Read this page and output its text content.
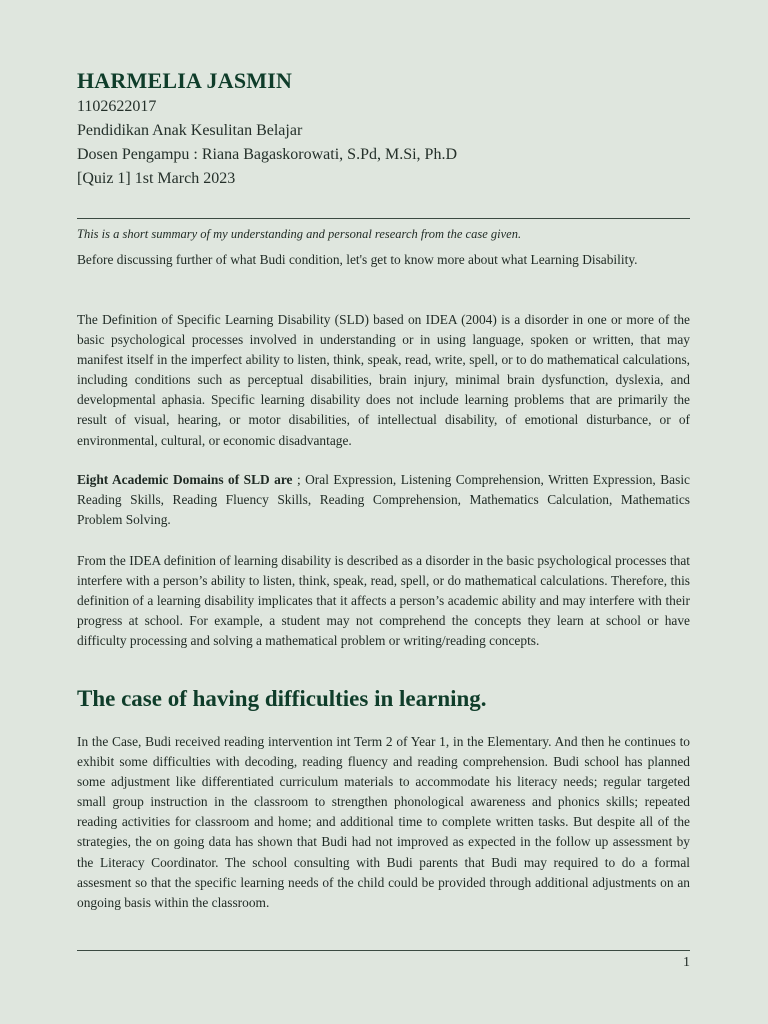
HARMELIA JASMIN
1102622017
Pendidikan Anak Kesulitan Belajar
Dosen Pengampu : Riana Bagaskorowati, S.Pd, M.Si, Ph.D
[Quiz 1] 1st March 2023
This is a short summary of my understanding and personal research from the case given.
Before discussing further of what Budi condition, let's get to know more about what Learning Disability.
The Definition of Specific Learning Disability (SLD) based on IDEA (2004) is a disorder in one or more of the basic psychological processes involved in understanding or in using language, spoken or written, that may manifest itself in the imperfect ability to listen, think, speak, read, write, spell, or to do mathematical calculations, including conditions such as perceptual disabilities, brain injury, minimal brain dysfunction, dyslexia, and developmental aphasia. Specific learning disability does not include learning problems that are primarily the result of visual, hearing, or motor disabilities, of intellectual disability, of emotional disturbance, or of environmental, cultural, or economic disadvantage.
Eight Academic Domains of SLD are ; Oral Expression, Listening Comprehension, Written Expression, Basic Reading Skills, Reading Fluency Skills, Reading Comprehension, Mathematics Calculation, Mathematics Problem Solving.
From the IDEA definition of learning disability is described as a disorder in the basic psychological processes that interfere with a person’s ability to listen, think, speak, read, spell, or do mathematical calculations. Therefore, this definition of a learning disability implicates that it affects a person’s academic ability and may interfere with their progress at school. For example, a student may not comprehend the concepts they learn at school or have difficulty processing and solving a mathematical problem or writing/reading concepts.
The case of having difficulties in learning.
In the Case, Budi received reading intervention int Term 2 of Year 1, in the Elementary. And then he continues to exhibit some difficulties with decoding, reading fluency and reading comprehension. Budi school has planned some adjustment like differentiated curriculum materials to accommodate his literacy needs; regular targeted small group instruction in the classroom to strengthen phonological awareness and phonics skills; repeated reading activities for classroom and home; and additional time to complete written tasks. But despite all of the strategies, the on going data has shown that Budi had not improved as expected in the follow up assessment by the Literacy Coordinator. The school consulting with Budi parents that Budi may required to do a formal assesment so that the specific learning needs of the child could be provided through additional adjustments on an ongoing basis within the classroom.
1
